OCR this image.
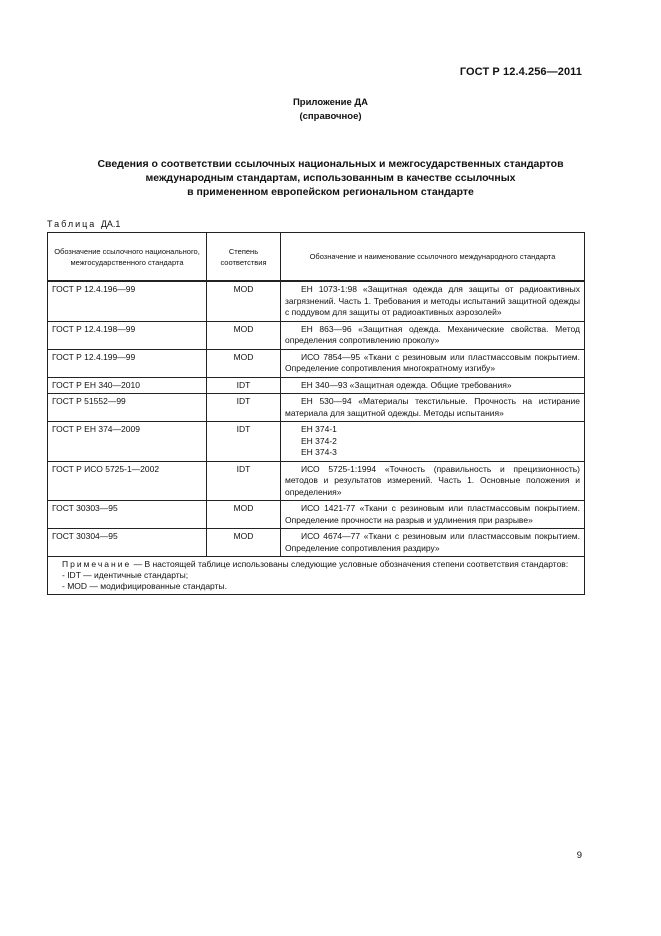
ГОСТ Р 12.4.256—2011
Приложение ДА
(справочное)
Сведения о соответствии ссылочных национальных и межгосударственных стандартов
международным стандартам, использованным в качестве ссылочных
в примененном европейском региональном стандарте
Таблица ДА.1
Обозначение ссылочного национального, межгосударственного стандарта	Степень соответствия	Обозначение и наименование ссылочного международного стандарта
ГОСТ Р 12.4.196—99	MOD	ЕН 1073-1:98 «Защитная одежда для защиты от радиоактивных загрязнений. Часть 1. Требования и методы испытаний защитной одежды с поддувом для защиты от радиоактивных аэрозолей»
ГОСТ Р 12.4.198—99	MOD	ЕН 863—96 «Защитная одежда. Механические свойства. Метод определения сопротивлению проколу»
ГОСТ Р 12.4.199—99	MOD	ИСО 7854—95 «Ткани с резиновым или пластмассовым покрытием. Определение сопротивления многократному изгибу»
ГОСТ Р ЕН 340—2010	IDT	ЕН 340—93 «Защитная одежда. Общие требования»
ГОСТ Р 51552—99	IDT	ЕН 530—94 «Материалы текстильные. Прочность на истирание материала для защитной одежды. Методы испытания»
ГОСТ Р ЕН 374—2009	IDT	ЕН 374-1
ЕН 374-2
ЕН 374-3

ГОСТ Р ИСО 5725-1—2002	IDT	ИСО 5725-1:1994 «Точность (правильность и прецизионность) методов и результатов измерений. Часть 1. Основные положения и определения»
ГОСТ 30303—95	MOD	ИСО 1421-77 «Ткани с резиновым или пластмассовым покрытием. Определение прочности на разрыв и удлинения при разрыве»
ГОСТ 30304—95	MOD	ИСО 4674—77 «Ткани с резиновым или пластмассовым покрытием. Определение сопротивления раздиру»
Примечание — В настоящей таблице использованы следующие условные обозначения степени соответствия стандартов:
- IDT — идентичные стандарты;
- MOD — модифицированные стандарты.		
9
